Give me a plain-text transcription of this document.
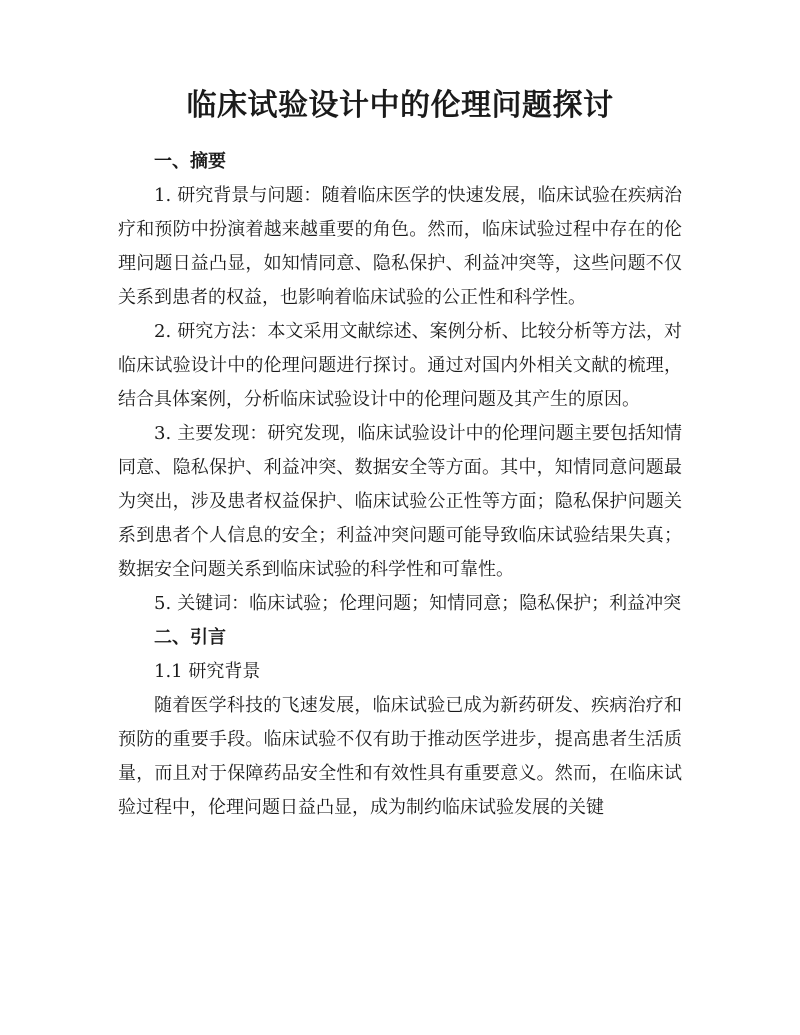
临床试验设计中的伦理问题探讨

一、摘要

1. 研究背景与问题：随着临床医学的快速发展，临床试验在疾病治疗和预防中扮演着越来越重要的角色。然而，临床试验过程中存在的伦理问题日益凸显，如知情同意、隐私保护、利益冲突等，这些问题不仅关系到患者的权益，也影响着临床试验的公正性和科学性。

2. 研究方法：本文采用文献综述、案例分析、比较分析等方法，对临床试验设计中的伦理问题进行探讨。通过对国内外相关文献的梳理，结合具体案例，分析临床试验设计中的伦理问题及其产生的原因。

3. 主要发现：研究发现，临床试验设计中的伦理问题主要包括知情同意、隐私保护、利益冲突、数据安全等方面。其中，知情同意问题最为突出，涉及患者权益保护、临床试验公正性等方面；隐私保护问题关系到患者个人信息的安全；利益冲突问题可能导致临床试验结果失真；数据安全问题关系到临床试验的科学性和可靠性。

5. 关键词：临床试验；伦理问题；知情同意；隐私保护；利益冲突

二、引言

1.1 研究背景

随着医学科技的飞速发展，临床试验已成为新药研发、疾病治疗和预防的重要手段。临床试验不仅有助于推动医学进步，提高患者生活质量，而且对于保障药品安全性和有效性具有重要意义。然而，在临床试验过程中，伦理问题日益凸显，成为制约临床试验发展的关键
